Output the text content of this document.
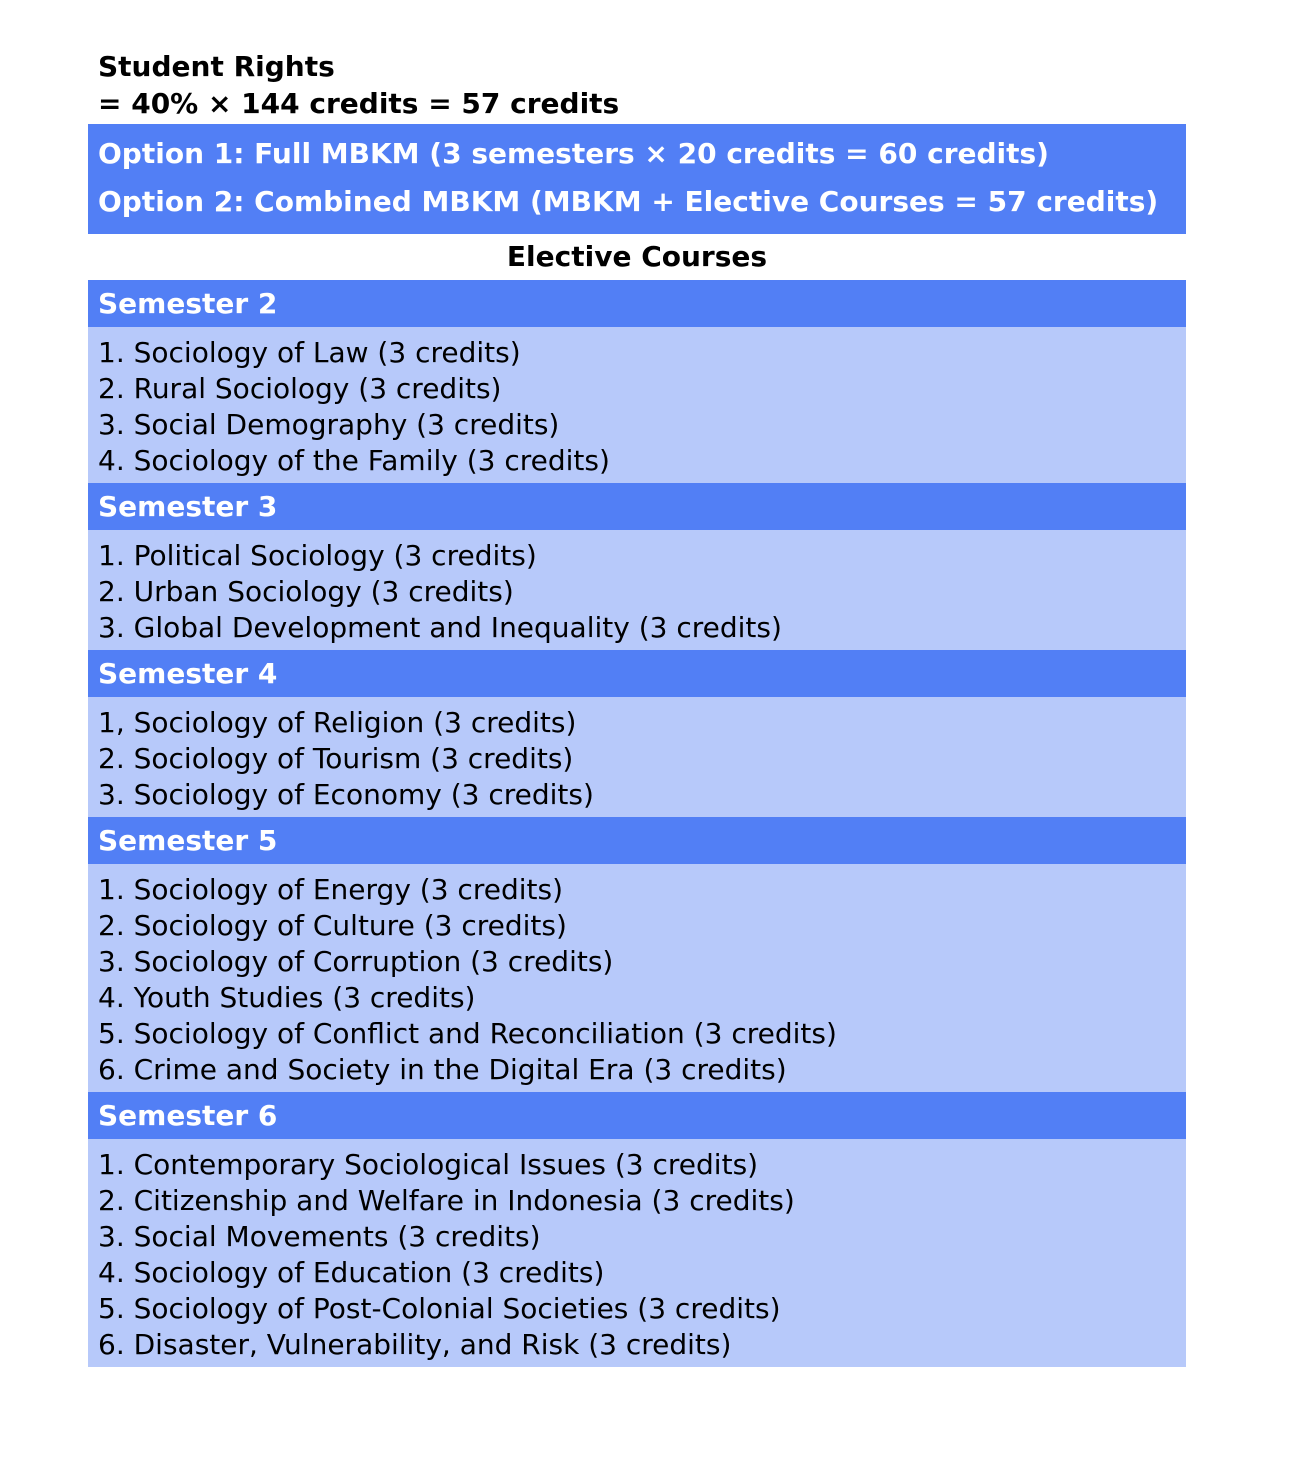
Student Rights
= 40% × 144 credits = 57 credits
Option 1: Full MBKM (3 semesters × 20 credits = 60 credits)
Option 2: Combined MBKM (MBKM + Elective Courses = 57 credits)
Elective Courses
Semester 2
1. Sociology of Law (3 credits)
2. Rural Sociology (3 credits)
3. Social Demography (3 credits)
4. Sociology of the Family (3 credits)
Semester 3
1. Political Sociology (3 credits)
2. Urban Sociology (3 credits)
3. Global Development and Inequality (3 credits)
Semester 4
1, Sociology of Religion (3 credits)
2. Sociology of Tourism (3 credits)
3. Sociology of Economy (3 credits)
Semester 5
1. Sociology of Energy (3 credits)
2. Sociology of Culture (3 credits)
3. Sociology of Corruption (3 credits)
4. Youth Studies (3 credits)
5. Sociology of Conflict and Reconciliation (3 credits)
6. Crime and Society in the Digital Era (3 credits)
Semester 6
1. Contemporary Sociological Issues (3 credits)
2. Citizenship and Welfare in Indonesia (3 credits)
3. Social Movements (3 credits)
4. Sociology of Education (3 credits)
5. Sociology of Post-Colonial Societies (3 credits)
6. Disaster, Vulnerability, and Risk (3 credits)
